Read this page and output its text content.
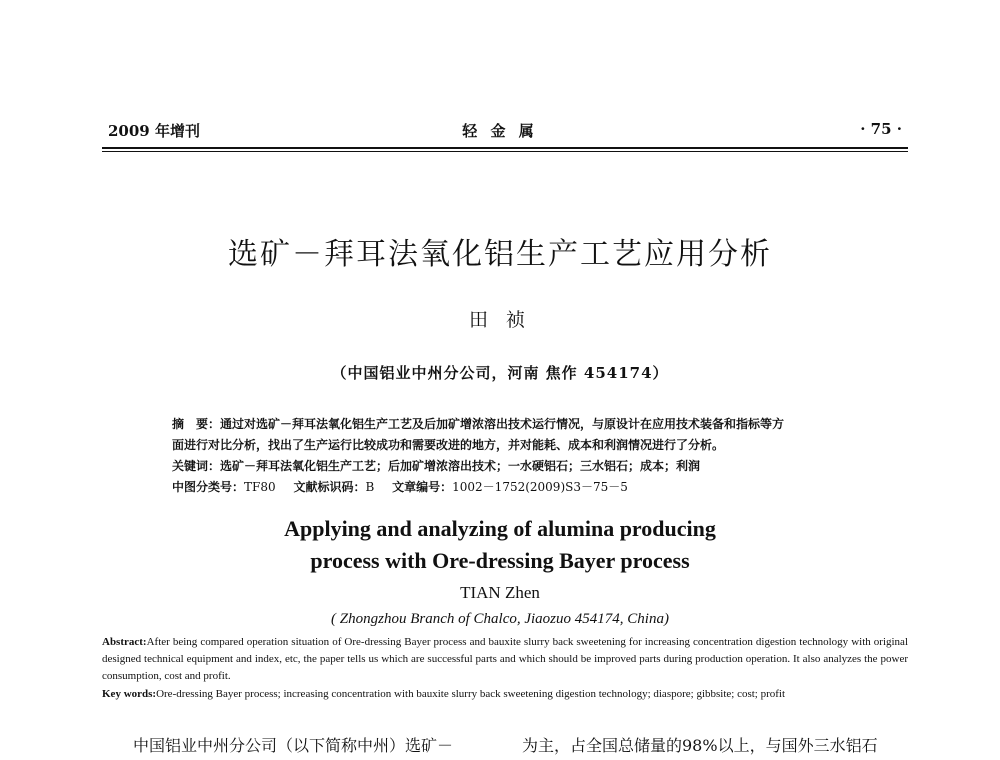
2009 年增刊	轻 金 属	· 75 ·
选矿－拜耳法氧化铝生产工艺应用分析
田 祯
（中国铝业中州分公司，河南 焦作 454174）
摘　要：通过对选矿－拜耳法氧化铝生产工艺及后加矿增浓溶出技术运行情况，与原设计在应用技术装备和指标等方
面进行对比分析，找出了生产运行比较成功和需要改进的地方，并对能耗、成本和利润情况进行了分析。
关键词：选矿－拜耳法氧化铝生产工艺；后加矿增浓溶出技术；一水硬铝石；三水铝石；成本；利润
中图分类号：TF80 文献标识码：B 文章编号：1002－1752(2009)S3－75－5
Applying and analyzing of alumina producing
process with Ore-dressing Bayer process
TIAN Zhen
( Zhongzhou Branch of Chalco, Jiaozuo 454174, China)
Abstract:After being compared operation situation of Ore-dressing Bayer process and bauxite slurry back sweetening for increasing concentration digestion technology with original designed technical equipment and index, etc, the paper tells us which are successful parts and which should be improved parts during production operation. It also analyzes the power consumption, cost and profit.
Key words:Ore-dressing Bayer process; increasing concentration with bauxite slurry back sweetening digestion technology; diaspore; gibbsite; cost; profit
中国铝业中州分公司（以下简称中州）选矿－	为主，占全国总储量的98%以上，与国外三水铝石
